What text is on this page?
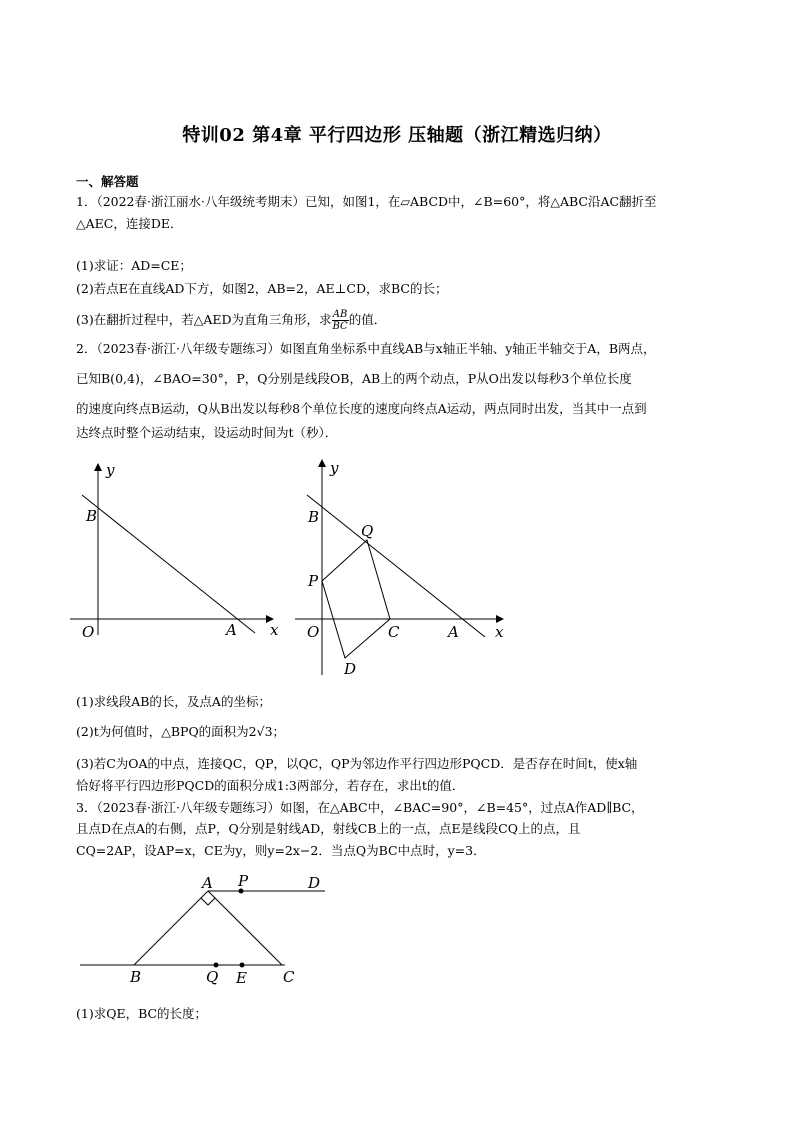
特训02 第4章 平行四边形 压轴题（浙江精选归纳）
一、解答题
1．（2022春·浙江丽水·八年级统考期末）已知，如图1，在▱ABCD中，∠B=60°，将△ABC沿AC翻折至
△AEC，连接DE．
(1)求证：AD=CE；
(2)若点E在直线AD下方，如图2，AB=2，AE⊥CD，求BC的长；
(3)在翻折过程中，若△AED为直角三角形，求 $\frac{AB}{BC}$ 的值．
2．（2023春·浙江·八年级专题练习）如图直角坐标系中直线AB与x轴正半轴、y轴正半轴交于A，B两点，
已知B(0,4)，∠BAO=30°，P，Q分别是线段OB，AB上的两个动点，P从O出发以每秒3个单位长度
的速度向终点B运动，Q从B出发以每秒8个单位长度的速度向终点A运动，两点同时出发，当其中一点到
达终点时整个运动结束，设运动时间为t（秒）．
y
B
O	A x
y
B
Q
P
O	C	A x
D
(1)求线段AB的长，及点A的坐标；
(2)t为何值时，△BPQ的面积为2√3；
(3)若C为OA的中点，连接QC，QP，以QC，QP为邻边作平行四边形PQCD．是否存在时间t，使x轴
恰好将平行四边形PQCD的面积分成1:3两部分，若存在，求出t的值．
3．（2023春·浙江·八年级专题练习）如图，在△ABC中，∠BAC=90°，∠B=45°，过点A作AD∥BC，
且点D在点A的右侧，点P，Q分别是射线AD，射线CB上的一点，点E是线段CQ上的点，且
CQ=2AP，设AP=x，CE为y，则y=2x−2．当点Q为BC中点时，y=3．
A P	D
B	Q E C
(1)求QE，BC的长度；
